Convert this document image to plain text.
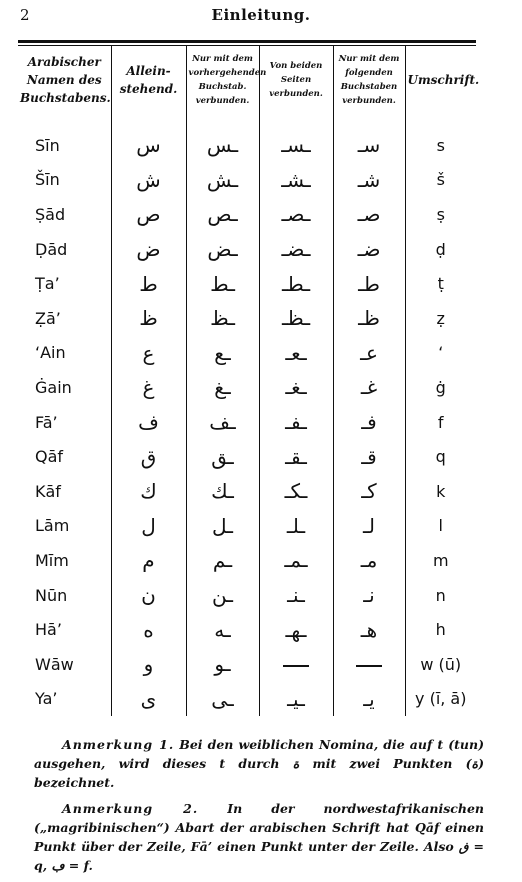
2	Einleitung.
Arabischer Namen des Buchstabens.	Allein-stehend.	Nur mit dem vorhergehenden Buchstab. verbunden.	Von beiden Seiten verbunden.	Nur mit dem folgenden Buchstaben verbunden.	Umschrift.
Sīn	س	ـس	ـسـ	سـ	s
Šīn	ش	ـش	ـشـ	شـ	š
Ṣād	ص	ـص	ـصـ	صـ	ṣ
Ḍād	ض	ـض	ـضـ	ضـ	ḍ
Ṭa’	ط	ـط	ـطـ	طـ	ṭ
Ẓā’	ظ	ـظ	ـظـ	ظـ	ẓ
‘Ain	ع	ـع	ـعـ	عـ	‘
Ġain	غ	ـغ	ـغـ	غـ	ġ
Fā’	ف	ـف	ـفـ	فـ	f
Qāf	ق	ـق	ـقـ	قـ	q
Kāf	ك	ـك	ـكـ	كـ	k
Lām	ل	ـل	ـلـ	لـ	l
Mīm	م	ـم	ـمـ	مـ	m
Nūn	ن	ـن	ـنـ	نـ	n
Hā’	ه	ـه	ـهـ	هـ	h
Wāw	و	ـو			w (ū)
Ya’	ى	ـى	ـيـ	يـ	y (ī, ā)

Anmerkung 1. Bei den weiblichen Nomina, die auf t (tun) ausgehen, wird dieses t durch ة mit zwei Punkten (ة) bezeichnet.

Anmerkung 2. In der nordwestafrikanischen („magribinischen“) Abart der arabischen Schrift hat Qāf einen Punkt über der Zeile, Fā’ einen Punkt unter der Zeile. Also ڧ = q, ڢ = f.
